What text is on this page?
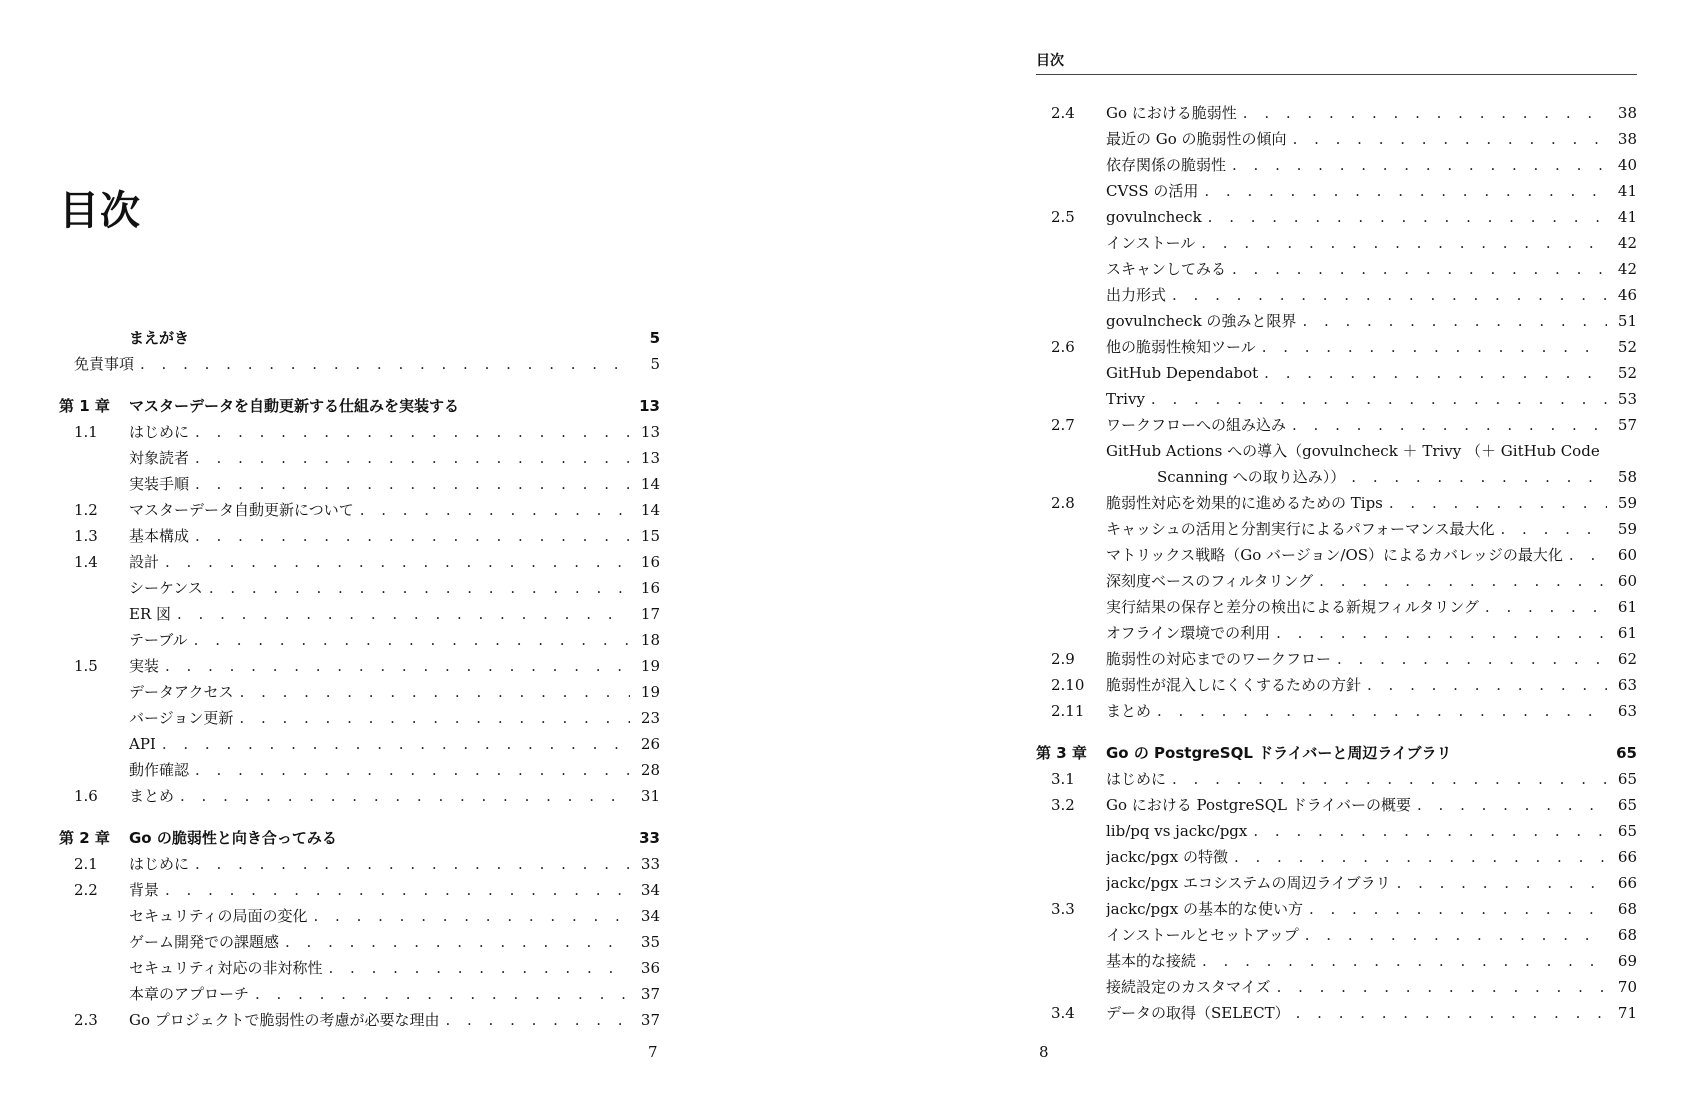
目次
まえがき	5
免責事項 . . .	5
第 1 章 マスターデータを自動更新する仕組みを実装する	13
1.1 はじめに . . .	13
対象読者 . . .	13
実装手順 . . .	14
1.2 マスターデータ自動更新について . . .	14
1.3 基本構成 . . .	15
1.4 設計 . . .	16
シーケンス . . .	16
ER 図 . . .	17
テーブル . . .	18
1.5 実装 . . .	19
データアクセス . . .	19
バージョン更新 . . .	23
API . . .	26
動作確認 . . .	28
1.6 まとめ . . .	31
第 2 章 Go の脆弱性と向き合ってみる	33
2.1 はじめに . . .	33
2.2 背景 . . .	34
セキュリティの局面の変化 . . .	34
ゲーム開発での課題感 . . .	35
セキュリティ対応の非対称性 . . .	36
本章のアプローチ . . .	37
2.3 Go プロジェクトで脆弱性の考慮が必要な理由 . . .	37
7
目次
2.4 Go における脆弱性 . . .	38
最近の Go の脆弱性の傾向 . . .	38
依存関係の脆弱性 . . .	40
CVSS の活用 . . .	41
2.5 govulncheck . . .	41
インストール . . .	42
スキャンしてみる . . .	42
出力形式 . . .	46
govulncheck の強みと限界 . . .	51
2.6 他の脆弱性検知ツール . . .	52
GitHub Dependabot . . .	52
Trivy . . .	53
2.7 ワークフローへの組み込み . . .	57
GitHub Actions への導入（govulncheck ＋ Trivy （＋ GitHub Code
Scanning への取り込み）） . . .	58
2.8 脆弱性対応を効果的に進めるための Tips . . .	59
キャッシュの活用と分割実行によるパフォーマンス最大化 . . .	59
マトリックス戦略（Go バージョン/OS）によるカバレッジの最大化 . . .	60
深刻度ベースのフィルタリング . . .	60
実行結果の保存と差分の検出による新規フィルタリング . . .	61
オフライン環境での利用 . . .	61
2.9 脆弱性の対応までのワークフロー . . .	62
2.10 脆弱性が混入しにくくするための方針 . . .	63
2.11 まとめ . . .	63
第 3 章 Go の PostgreSQL ドライバーと周辺ライブラリ	65
3.1 はじめに . . .	65
3.2 Go における PostgreSQL ドライバーの概要 . . .	65
lib/pq vs jackc/pgx . . .	65
jackc/pgx の特徴 . . .	66
jackc/pgx エコシステムの周辺ライブラリ . . .	66
3.3 jackc/pgx の基本的な使い方 . . .	68
インストールとセットアップ . . .	68
基本的な接続 . . .	69
接続設定のカスタマイズ . . .	70
3.4 データの取得（SELECT） . . .	71
8
